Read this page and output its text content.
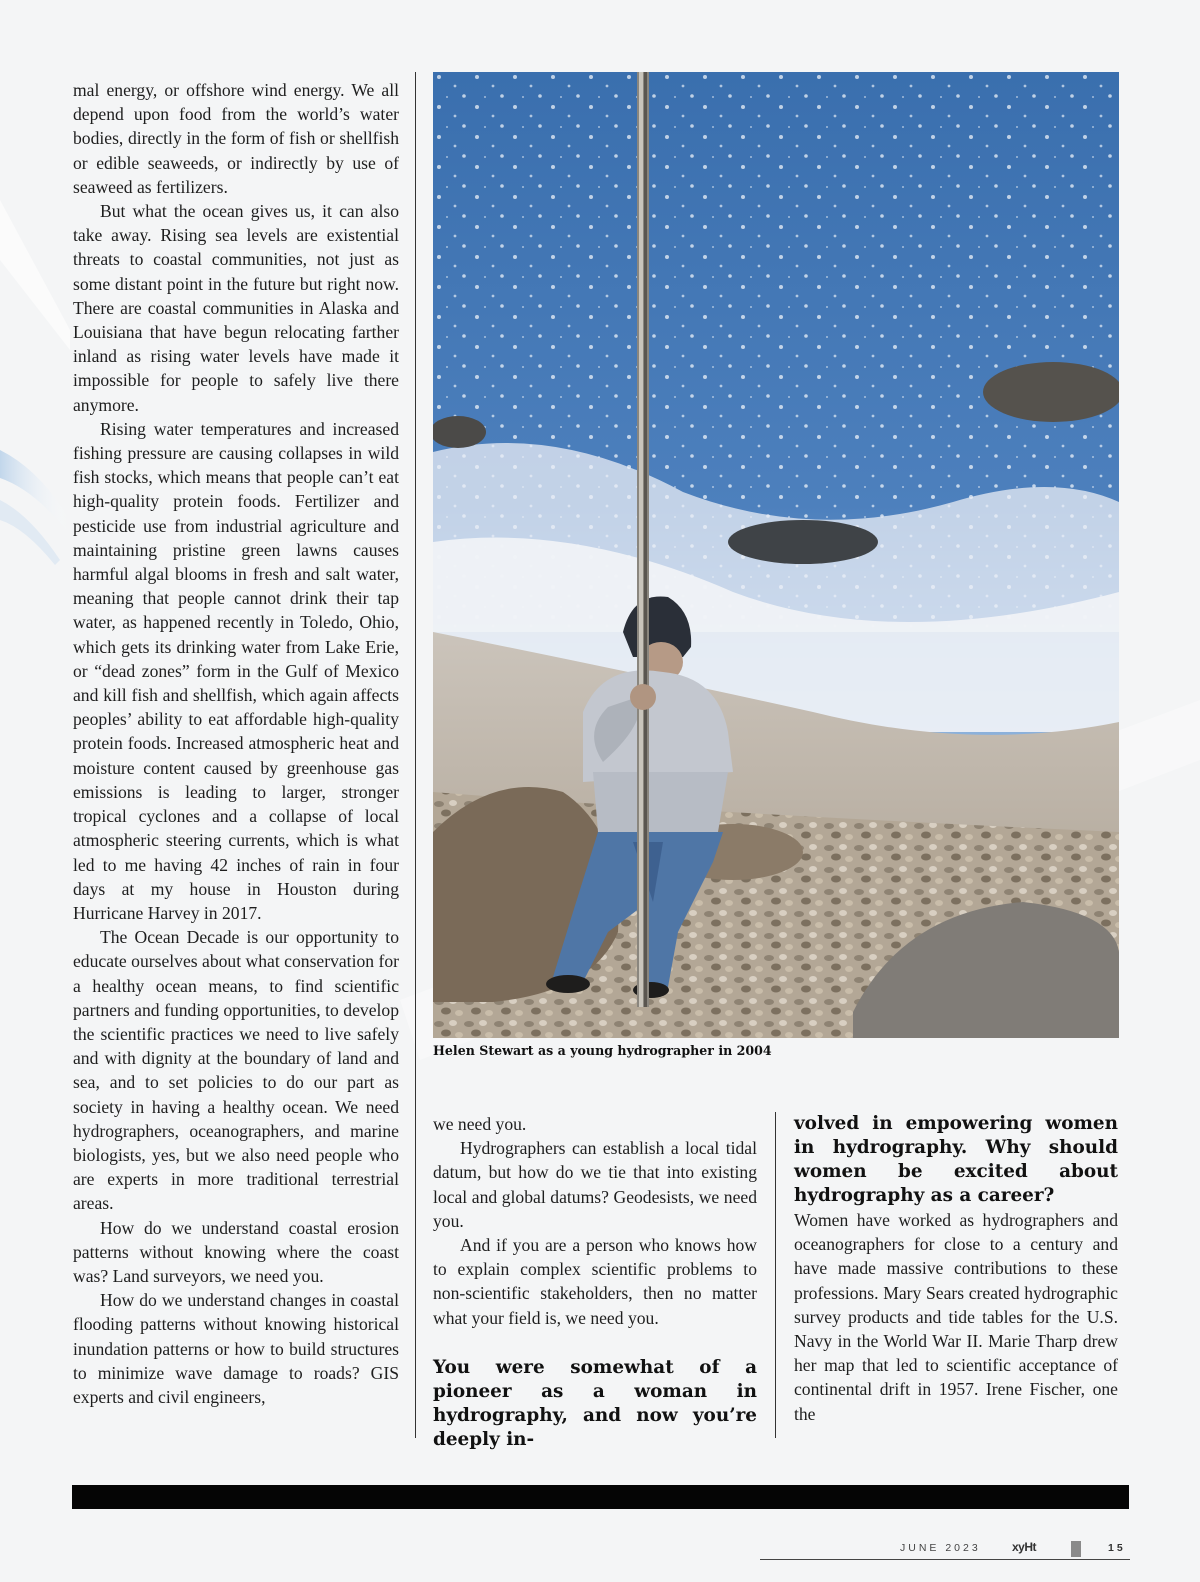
mal energy, or offshore wind energy. We all depend upon food from the world’s water bodies, directly in the form of fish or shellfish or edible seaweeds, or indirectly by use of seaweed as fertilizers.

But what the ocean gives us, it can also take away. Rising sea levels are existential threats to coastal communities, not just as some distant point in the future but right now. There are coastal communities in Alaska and Louisiana that have begun relocating farther inland as rising water levels have made it impossible for people to safely live there anymore.

Rising water temperatures and increased fishing pressure are causing collapses in wild fish stocks, which means that people can’t eat high-quality protein foods. Fertilizer and pesticide use from industrial agriculture and maintaining pristine green lawns causes harmful algal blooms in fresh and salt water, meaning that people cannot drink their tap water, as happened recently in Toledo, Ohio, which gets its drinking water from Lake Erie, or “dead zones” form in the Gulf of Mexico and kill fish and shellfish, which again affects peoples’ ability to eat affordable high-quality protein foods. Increased atmospheric heat and moisture content caused by greenhouse gas emissions is leading to larger, stronger tropical cyclones and a collapse of local atmospheric steering currents, which is what led to me having 42 inches of rain in four days at my house in Houston during Hurricane Harvey in 2017.

The Ocean Decade is our opportunity to educate ourselves about what conservation for a healthy ocean means, to find scientific partners and funding opportunities, to develop the scientific practices we need to live safely and with dignity at the boundary of land and sea, and to set policies to do our part as society in having a healthy ocean. We need hydrographers, oceanographers, and marine biologists, yes, but we also need people who are experts in more traditional terrestrial areas.

How do we understand coastal erosion patterns without knowing where the coast was? Land surveyors, we need you.

How do we understand changes in coastal flooding patterns without knowing historical inundation patterns or how to build structures to minimize wave damage to roads? GIS experts and civil engineers,

Helen Stewart as a young hydrographer in 2004

we need you.

Hydrographers can establish a local tidal datum, but how do we tie that into existing local and global datums? Geodesists, we need you.

And if you are a person who knows how to explain complex scientific problems to non-scientific stakeholders, then no matter what your field is, we need you.

You were somewhat of a pioneer as a woman in hydrography, and now you’re deeply in-

volved in empowering women in hydrography. Why should women be excited about hydrography as a career?

Women have worked as hydrographers and oceanographers for close to a century and have made massive contributions to these professions. Mary Sears created hydrographic survey products and tide tables for the U.S. Navy in the World War II. Marie Tharp drew her map that led to scientific acceptance of continental drift in 1957. Irene Fischer, one the

JUNE 2023	xyHt	15
